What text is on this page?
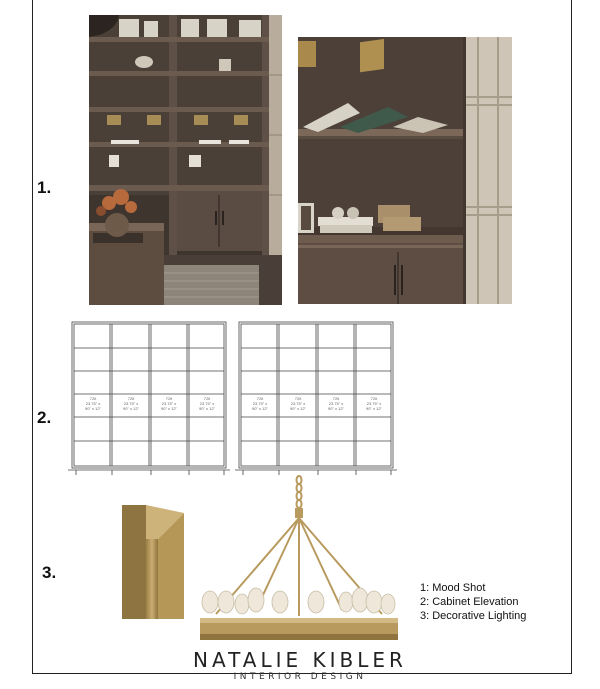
1.
2.
3.
72lt
23.75" x
90" x 12"
72lt
23.75" x
90" x 12"
72lt
23.75" x
90" x 12"
72lt
23.75" x
90" x 12"
72lt
23.75" x
90" x 12"
72lt
23.75" x
90" x 12"
72lt
23.75" x
90" x 12"
72lt
23.75" x
90" x 12"
1: Mood Shot
2: Cabinet Elevation
3: Decorative Lighting
NATALIE KIBLER
INTERIOR DESIGN
